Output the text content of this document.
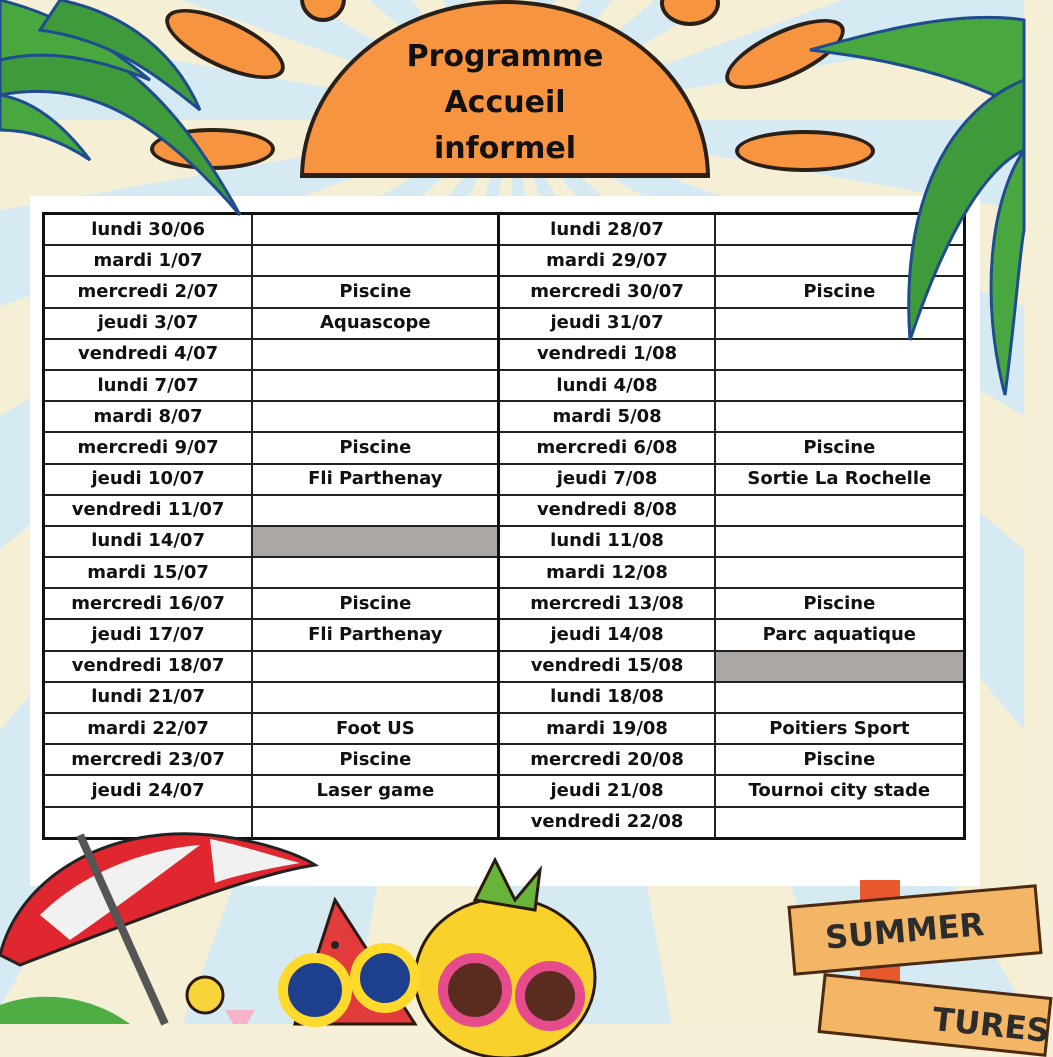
Programme
Accueil
informel
lundi 30/06		lundi 28/07	
mardi 1/07		mardi 29/07	
mercredi 2/07	Piscine	mercredi 30/07	Piscine
jeudi 3/07	Aquascope	jeudi 31/07	
vendredi 4/07		vendredi 1/08	
lundi 7/07		lundi 4/08	
mardi 8/07		mardi 5/08	
mercredi 9/07	Piscine	mercredi 6/08	Piscine
jeudi 10/07	Fli Parthenay	jeudi 7/08	Sortie La Rochelle
vendredi 11/07		vendredi 8/08	
lundi 14/07		lundi 11/08	
mardi 15/07		mardi 12/08	
mercredi 16/07	Piscine	mercredi 13/08	Piscine
jeudi 17/07	Fli Parthenay	jeudi 14/08	Parc aquatique
vendredi 18/07		vendredi 15/08	
lundi 21/07		lundi 18/08	
mardi 22/07	Foot US	mardi 19/08	Poitiers Sport
mercredi 23/07	Piscine	mercredi 20/08	Piscine
jeudi 24/07	Laser game	jeudi 21/08	Tournoi city stade
		vendredi 22/08	
SUMMER
TURES
